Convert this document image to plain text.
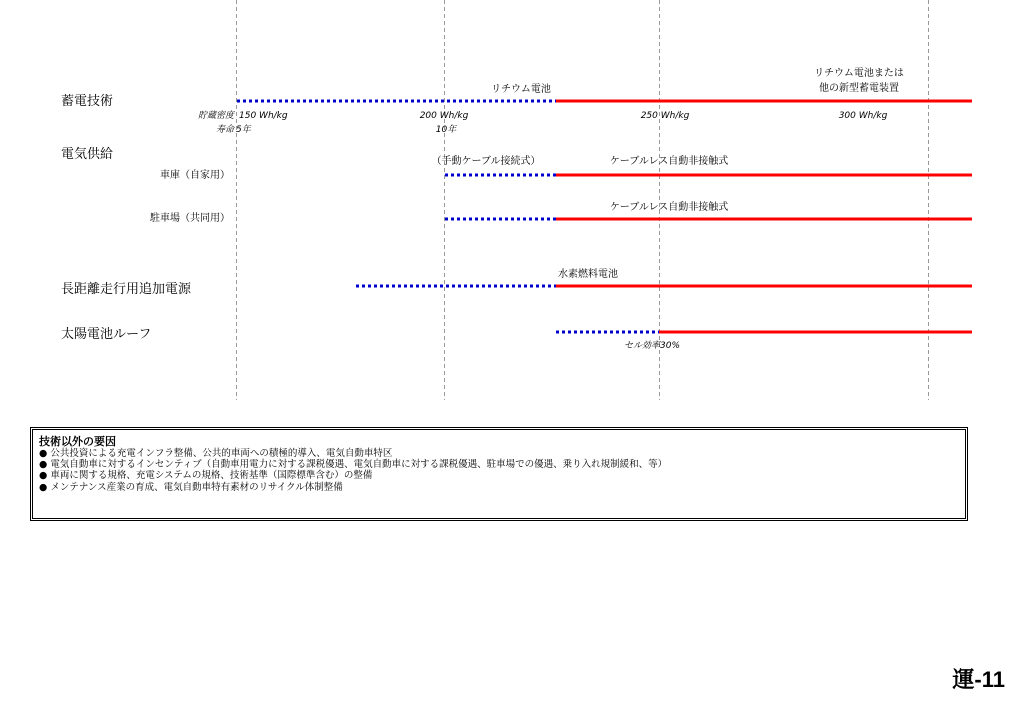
蓄電技術
電気供給
車庫（自家用）
駐車場（共同用）
長距離走行用追加電源
太陽電池ルーフ
リチウム電池
リチウム電池または
他の新型蓄電装置
（手動ケーブル接続式）	ケーブルレス自動非接触式
ケーブルレス自動非接触式
水素燃料電池
貯蔵密度 150 Wh/kg
寿命 5年
200 Wh/kg
10年
250 Wh/kg	300 Wh/kg
セル効率30%
技術以外の要因
● 公共投資による充電インフラ整備、公共的車両への積極的導入、電気自動車特区
● 電気自動車に対するインセンティブ（自動車用電力に対する課税優遇、電気自動車に対する課税優遇、駐車場での優遇、乗り入れ規制緩和、等）
● 車両に関する規格、充電システムの規格、技術基準（国際標準含む）の整備
● メンテナンス産業の育成、電気自動車特有素材のリサイクル体制整備
運-11
